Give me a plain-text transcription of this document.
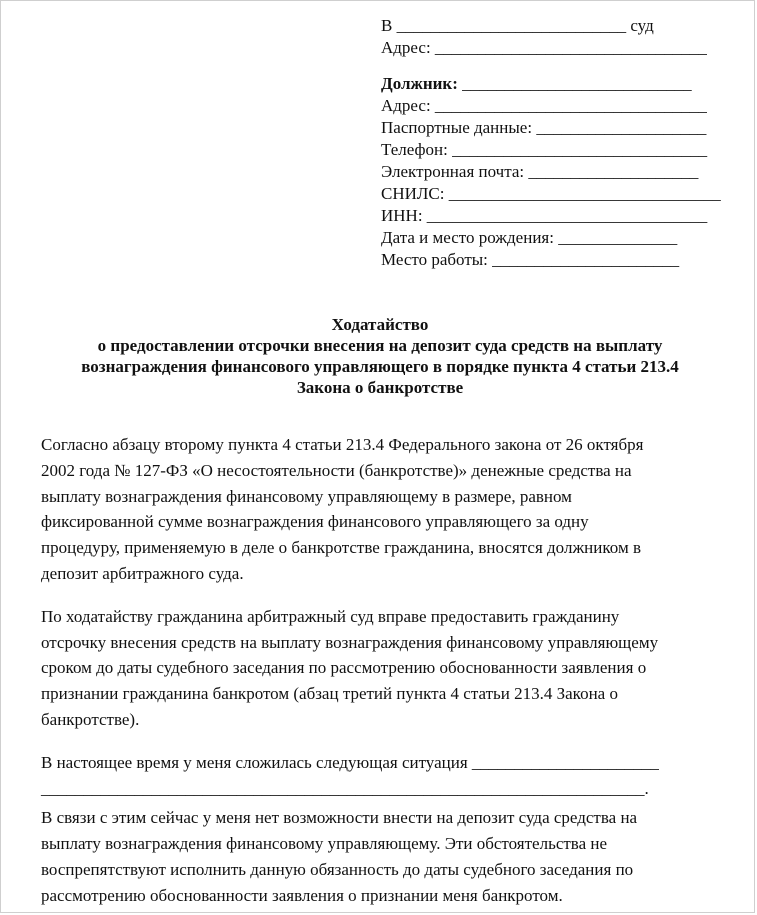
В ___________________________ суд
Адрес: ________________________________
Должник: ___________________________
Адрес: ________________________________
Паспортные данные: ____________________
Телефон: ______________________________
Электронная почта: ____________________
СНИЛС: ________________________________
ИНН: _________________________________
Дата и место рождения: ______________
Место работы: ______________________
Ходатайство
о предоставлении отсрочки внесения на депозит суда средств на выплату
вознаграждения финансового управляющего в порядке пункта 4 статьи 213.4
Закона о банкротстве
Согласно абзацу второму пункта 4 статьи 213.4 Федерального закона от 26 октября
2002 года № 127-ФЗ «О несостоятельности (банкротстве)» денежные средства на
выплату вознаграждения финансовому управляющему в размере, равном
фиксированной сумме вознаграждения финансового управляющего за одну
процедуру, применяемую в деле о банкротстве гражданина, вносятся должником в
депозит арбитражного суда.
По ходатайству гражданина арбитражный суд вправе предоставить гражданину
отсрочку внесения средств на выплату вознаграждения финансовому управляющему
сроком до даты судебного заседания по рассмотрению обоснованности заявления о
признании гражданина банкротом (абзац третий пункта 4 статьи 213.4 Закона о
банкротстве).
В настоящее время у меня сложилась следующая ситуация ______________________
_______________________________________________________________________.
В связи с этим сейчас у меня нет возможности внести на депозит суда средства на
выплату вознаграждения финансовому управляющему. Эти обстоятельства не
воспрепятствуют исполнить данную обязанность до даты судебного заседания по
рассмотрению обоснованности заявления о признании меня банкротом.
